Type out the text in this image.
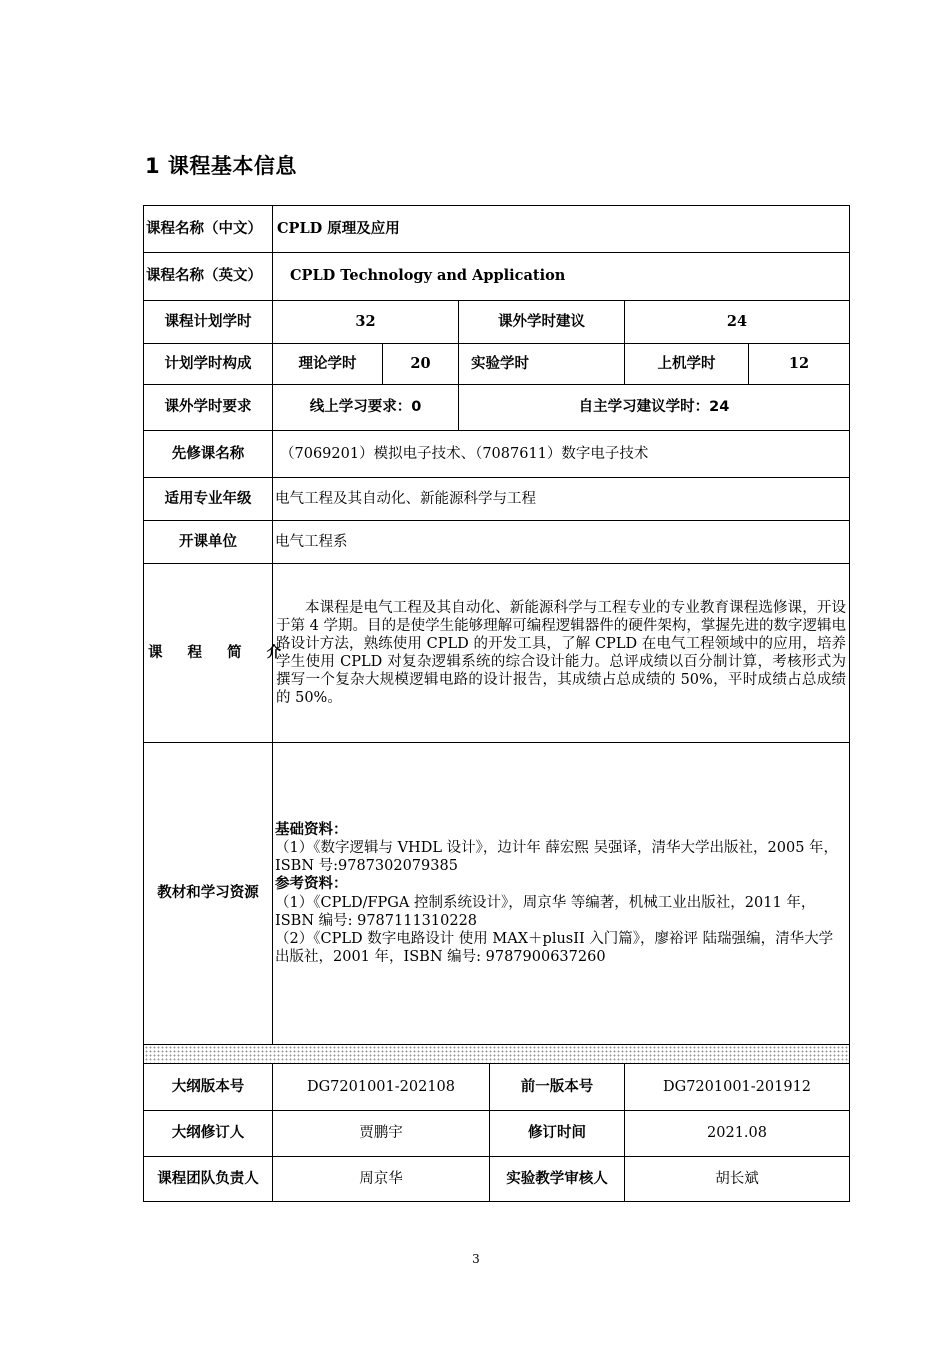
1 课程基本信息
课程名称（中文）	CPLD 原理及应用					
课程名称（英文）	CPLD Technology and Application					
课程计划学时	32		课外学时建议		24	
计划学时构成	理论学时	20	实验学时		上机学时	12
课外学时要求	线上学习要求：0		自主学习建议学时：24			
先修课名称	（7069201）模拟电子技术、（7087611）数字电子技术					
适用专业年级	电气工程及其自动化、新能源科学与工程					
开课单位	电气工程系					
课 程 简 介	本课程是电气工程及其自动化、新能源科学与工程专业的专业教育课程选修课，开设于第 4 学期。目的是使学生能够理解可编程逻辑器件的硬件架构，掌握先进的数字逻辑电路设计方法，熟练使用 CPLD 的开发工具，了解 CPLD 在电气工程领域中的应用，培养学生使用 CPLD 对复杂逻辑系统的综合设计能力。总评成绩以百分制计算，考核形式为撰写一个复杂大规模逻辑电路的设计报告，其成绩占总成绩的 50%，平时成绩占总成绩的 50%。					
教材和学习资源	基础资料：
（1）《数字逻辑与 VHDL 设计》，边计年 薛宏熙 吴强译，清华大学出版社，2005 年，ISBN 号:9787302079385
参考资料：
（1）《CPLD/FPGA 控制系统设计》，周京华 等编著，机械工业出版社，2011 年，ISBN 编号: 9787111310228
（2）《CPLD 数字电路设计 使用 MAX＋plusII 入门篇》，廖裕评 陆瑞强编，清华大学出版社，2001 年，ISBN 编号: 9787900637260					

大纲版本号	DG7201001-202108			前一版本号	DG7201001-201912	
大纲修订人	贾鹏宇			修订时间	2021.08	
课程团队负责人	周京华			实验教学审核人	胡长斌	
3
